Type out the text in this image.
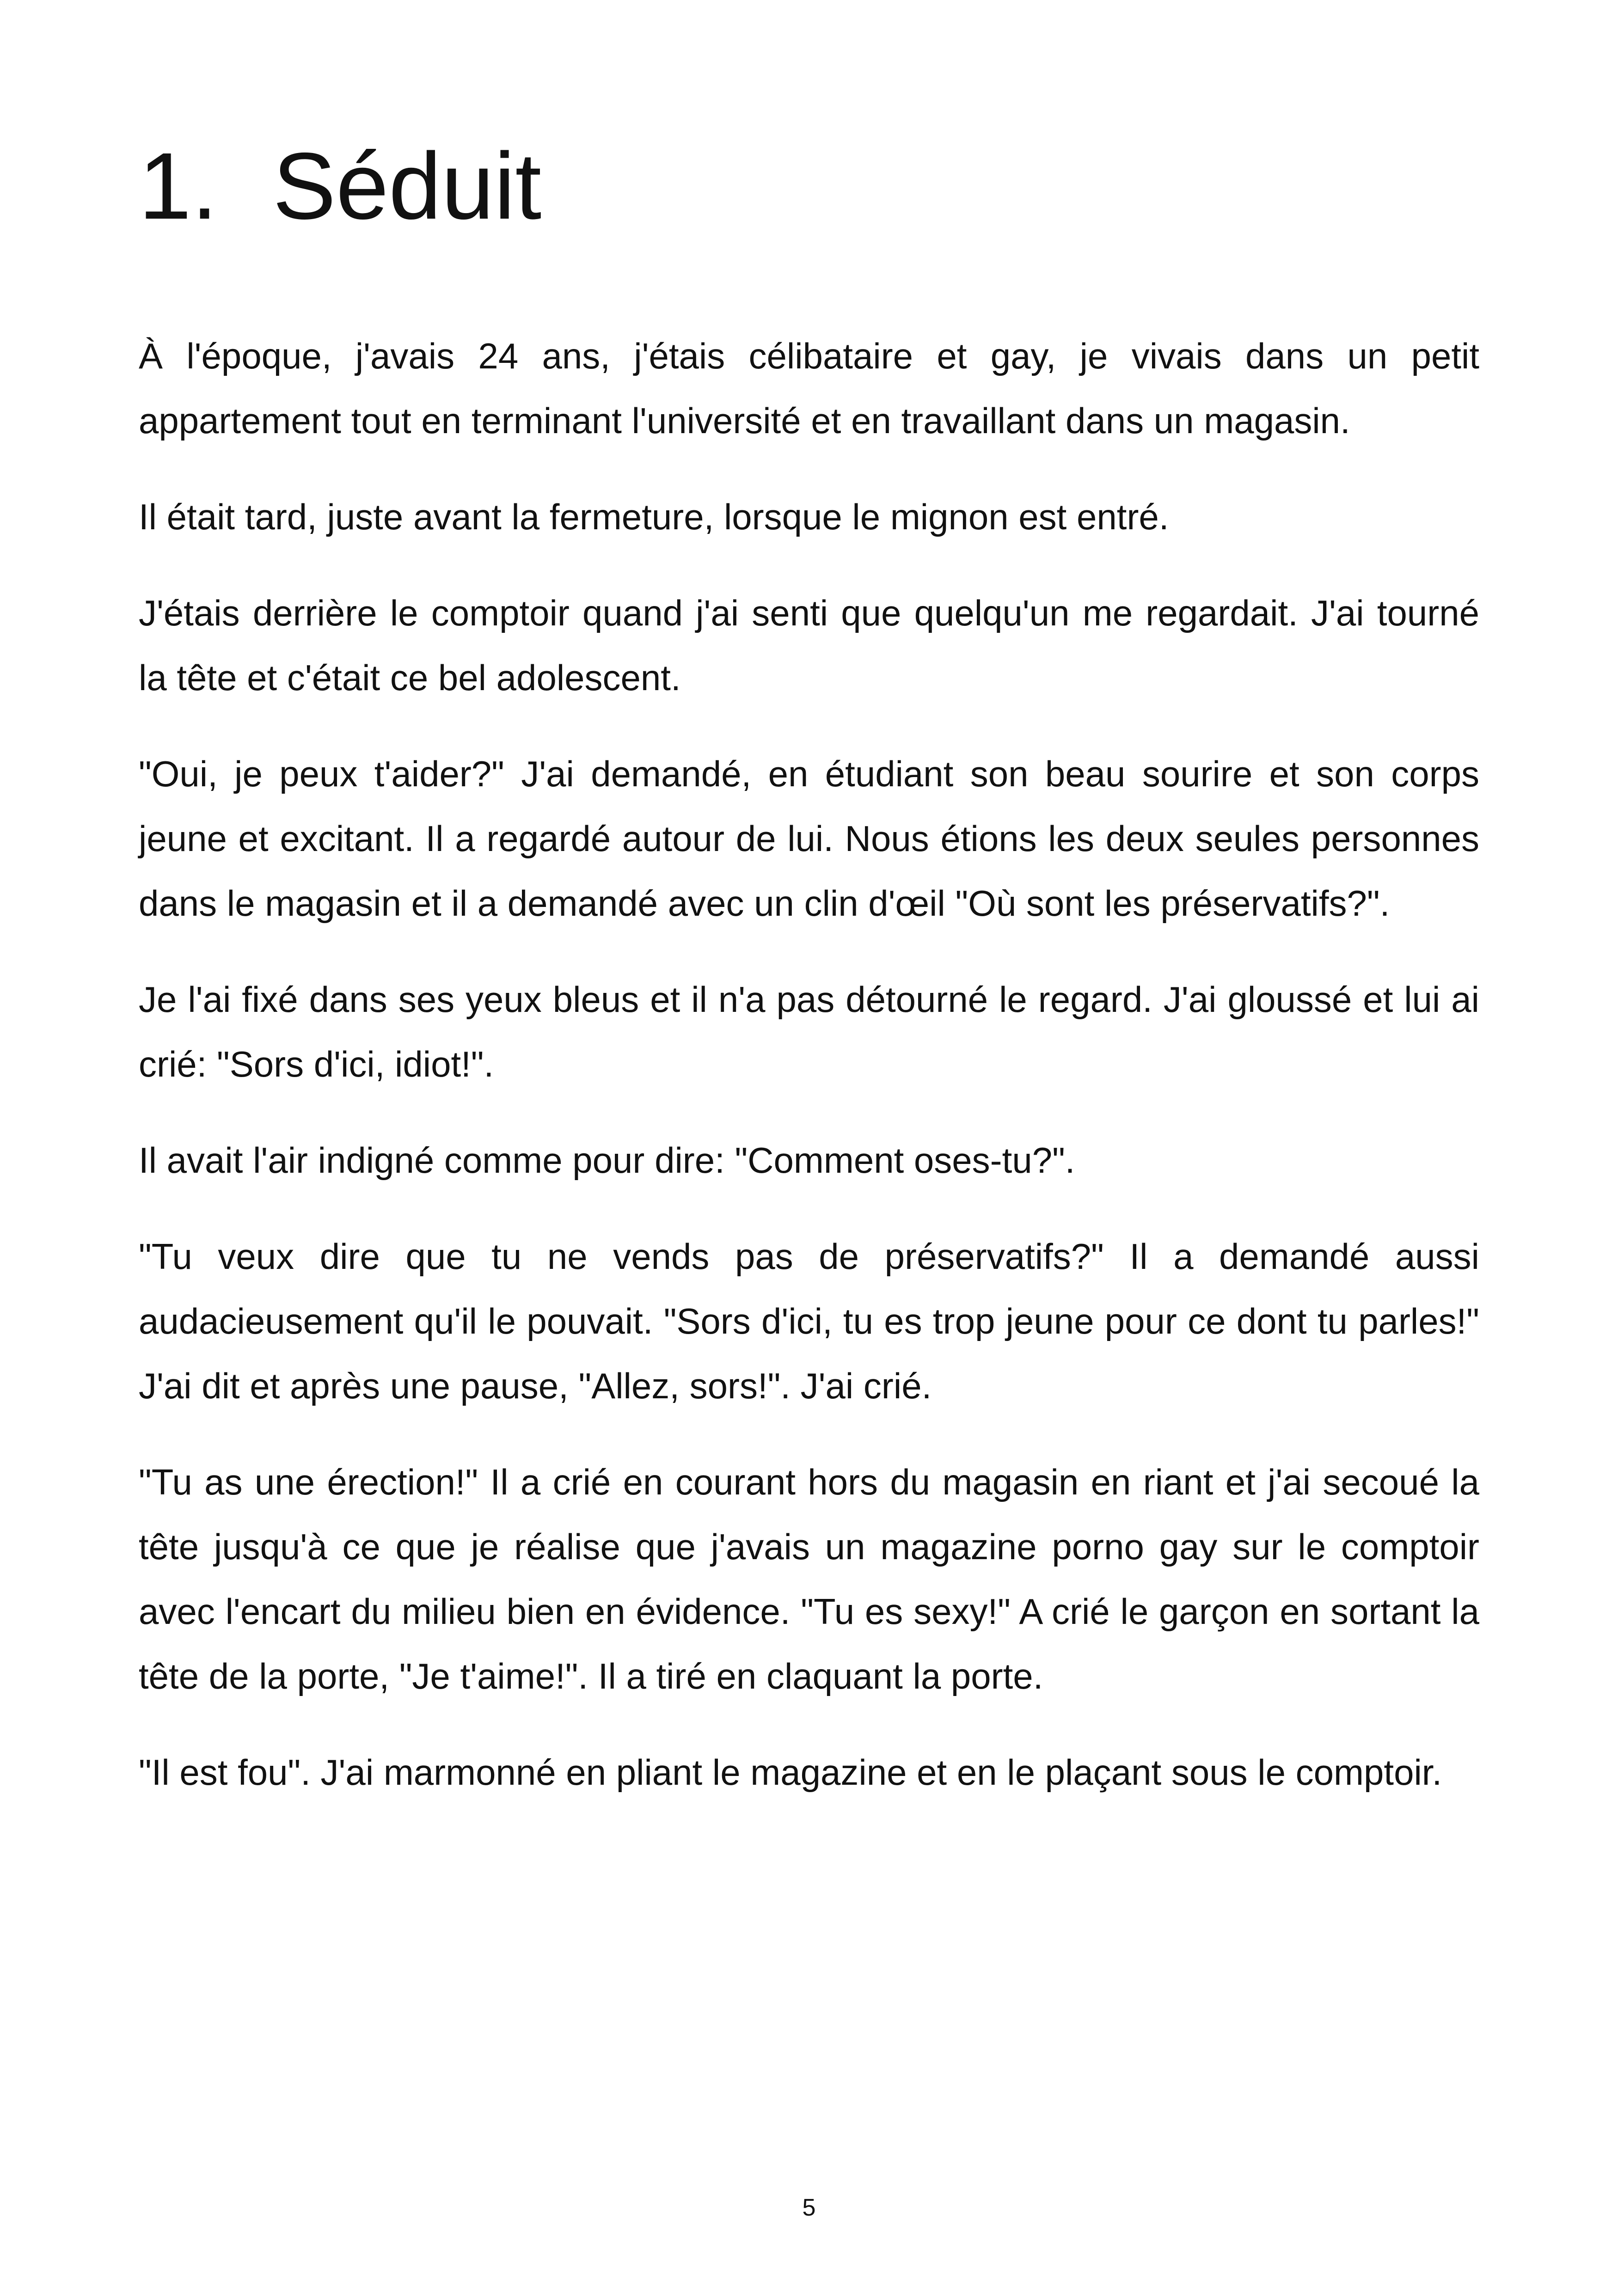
1. Séduit

À l'époque, j'avais 24 ans, j'étais célibataire et gay, je vivais dans un petit appartement tout en terminant l'université et en travaillant dans un magasin.

Il était tard, juste avant la fermeture, lorsque le mignon est entré.

J'étais derrière le comptoir quand j'ai senti que quelqu'un me regardait. J'ai tourné la tête et c'était ce bel adolescent.

"Oui, je peux t'aider?" J'ai demandé, en étudiant son beau sourire et son corps jeune et excitant. Il a regardé autour de lui. Nous étions les deux seules personnes dans le magasin et il a demandé avec un clin d'œil "Où sont les préservatifs?".

Je l'ai fixé dans ses yeux bleus et il n'a pas détourné le regard. J'ai gloussé et lui ai crié: "Sors d'ici, idiot!".

Il avait l'air indigné comme pour dire: "Comment oses-tu?".

"Tu veux dire que tu ne vends pas de préservatifs?" Il a demandé aussi audacieusement qu'il le pouvait. "Sors d'ici, tu es trop jeune pour ce dont tu parles!" J'ai dit et après une pause, "Allez, sors!". J'ai crié.

"Tu as une érection!" Il a crié en courant hors du magasin en riant et j'ai secoué la tête jusqu'à ce que je réalise que j'avais un magazine porno gay sur le comptoir avec l'encart du milieu bien en évidence. "Tu es sexy!" A crié le garçon en sortant la tête de la porte, "Je t'aime!". Il a tiré en claquant la porte.

"Il est fou". J'ai marmonné en pliant le magazine et en le plaçant sous le comptoir.

5
